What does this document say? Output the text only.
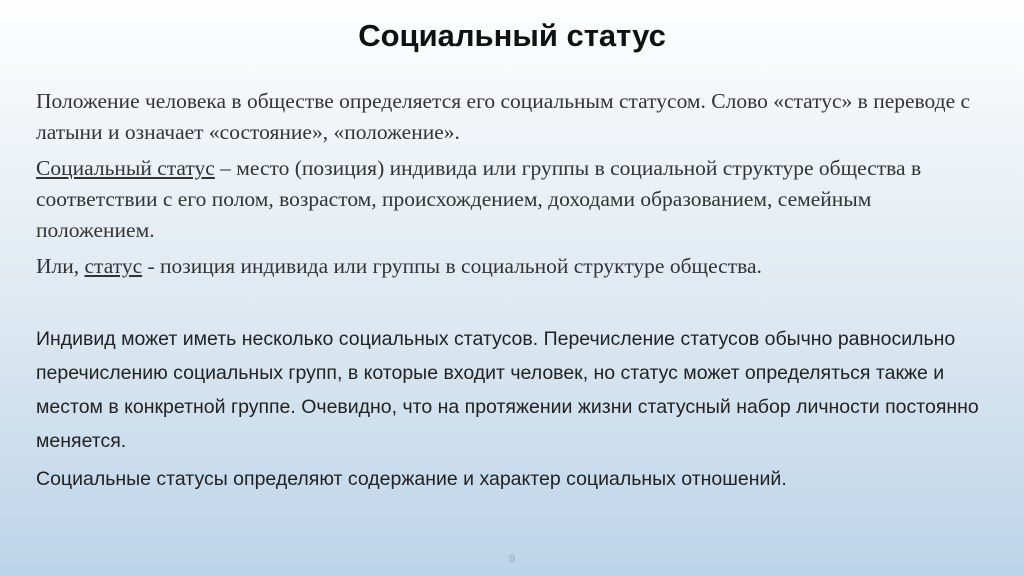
Социальный статус

Положение человека в обществе определяется его социальным статусом. Слово «статус» в переводе с латыни и означает «состояние», «положение».

Социальный статус – место (позиция) индивида или группы в социальной структуре общества в соответствии с его полом, возрастом, происхождением, доходами образованием, семейным положением.

Или, статус - позиция индивида или группы в социальной структуре общества.

Индивид может иметь несколько социальных статусов. Перечисление статусов обычно равносильно перечислению социальных групп, в которые входит человек, но статус может определяться также и местом в конкретной группе. Очевидно, что на протяжении жизни статусный набор личности постоянно меняется.

Социальные статусы определяют содержание и характер социальных отношений.

9
